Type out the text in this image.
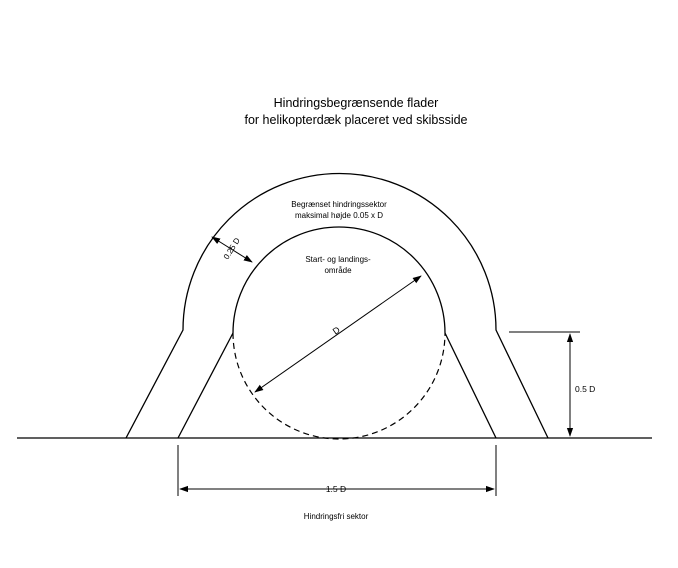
Hindringsbegrænsende flader
for helikopterdæk placeret ved skibsside
D
0.25 D
0.5 D
1.5 D
Begrænset hindringssektor
maksimal højde 0.05 x D
Start- og landings-
område
Hindringsfri sektor
